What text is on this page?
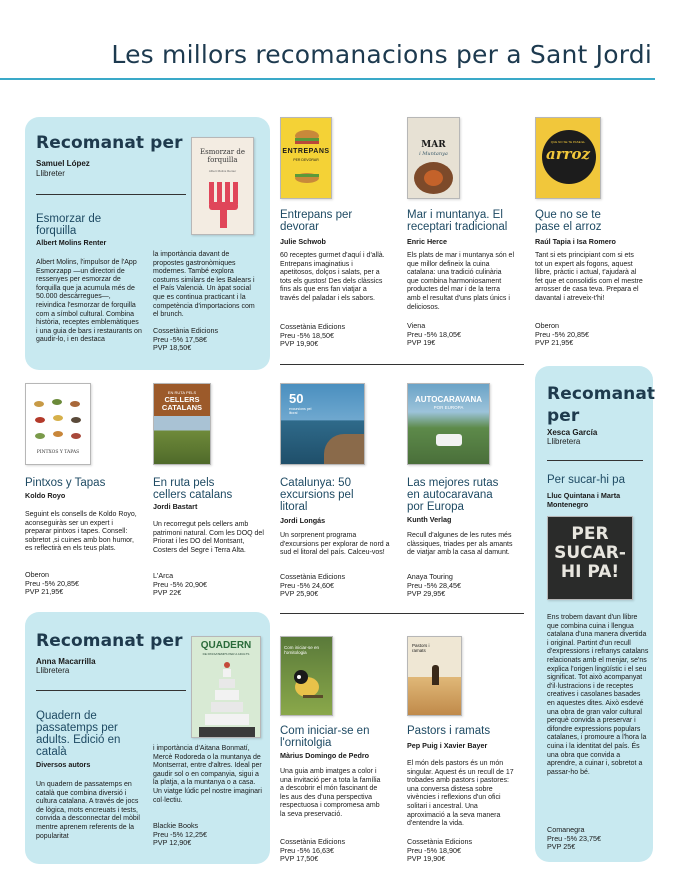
Les millors recomanacions per a Sant Jordi
Recomanat per
Samuel López
Llibreter
Esmorzar de forquilla
Albert Molins Renter
Esmorzar de forquilla
Albert Molins Renter
Albert Molins, l'impulsor de l'App Esmorzapp —un directori de ressenyes per esmorzar de forquilla que ja acumula més de 50.000 descàrregues—, reivindica l'esmorzar de forquilla com a símbol cultural. Combina història, receptes emblemàtiques i una guia de bars i restaurants on gaudir-lo, i en destaca
la importància davant de propostes gastronòmiques modernes. També explora costums similars de les Balears i el País Valencià. Un àpat social que es continua practicant i la competència d'importacions com el brunch.
Cossetània Edicions
Preu -5% 17,58€
PVP 18,50€
ENTREPANS
PER DEVORAR
Entrepans per devorar
Julie Schwob
60 receptes gurmet d'aquí i d'allà. Entrepans imaginatius i apetitosos, dolços i salats, per a tots els gustos! Des dels clàssics fins als que ens fan viatjar a través del paladar i els sabors.
Cossetània Edicions
Preu -5% 18,50€
PVP 19,90€
MAR
i Muntanya
Mar i muntanya. El receptari tradicional
Enric Herce
Els plats de mar i muntanya són el que millor defineix la cuina catalana: una tradició culinària que combina harmoniosament productes del mar i de la terra amb el resultat d'uns plats únics i deliciosos.
Viena
Preu -5% 18,05€
PVP 19€
QUE NO SE TE PASE EL
arroz
Que no se te pase el arroz
Raúl Tapia i Isa Romero
Tant si ets principiant com si ets tot un expert als fogons, aquest llibre, pràctic i actual, t'ajudarà al fet que et consolidis com el mestre arrosser de casa teva. Prepara el davantal i atreveix-t'hi!
Oberon
Preu -5% 20,85€
PVP 21,95€
PINTXOS Y TAPAS
Pintxos y Tapas
Koldo Royo
Seguint els consells de Koldo Royo, aconseguiràs ser un expert i preparar pintxos i tapes. Consell: sobretot ,si cuines amb bon humor, es reflectirà en els teus plats.
Oberon
Preu -5% 20,85€
PVP 21,95€
EN RUTA PELS
CELLERS CATALANS
En ruta pels cellers catalans
Jordi Bastart
Un recorregut pels cellers amb patrimoni natural. Com les DOQ del Priorat i les DO del Montsant, Costers del Segre i Terra Alta.
L'Arca
Preu -5% 20,90€
PVP 22€
50
excursions pel litoral
Catalunya: 50 excursions pel litoral
Jordi Longás
Un sorprenent programa d'excursions per explorar de nord a sud el litoral del país. Calceu-vos!
Cossetània Edicions
Preu -5% 24,60€
PVP 25,90€
AUTOCARAVANA
POR EUROPA
Las mejores rutas en autocaravana por Europa
Kunth Verlag
Recull d'algunes de les rutes més clàssiques, triades per als amants de viatjar amb la casa al damunt.
Anaya Touring
Preu -5% 28,45€
PVP 29,95€
Recomanat per
Xesca García
Llibretera
Per sucar-hi pa
Lluc Quintana i Marta Montenegro
PER SUCAR-HI PA!
Ens trobem davant d'un llibre que combina cuina i llengua catalana d'una manera divertida i original. Partint d'un recull d'expressions i refranys catalans relacionats amb el menjar, se'ns explica l'origen lingüístic i el seu significat. Tot això acompanyat d'il·lustracions i de receptes creatives i casolanes basades en aquestes dites. Això esdevé una obra de gran valor cultural perquè convida a preservar i difondre expressions populars catalanes, i promoure a l'hora la cuina i la identitat del país. És una obra que convida a aprendre, a cuinar i, sobretot a passar-ho bé.
Comanegra
Preu -5% 23,75€
PVP 25€
Recomanat per
Anna Macarrilla
Llibretera
QUADERN
DE PASSATEMPS PER A ADULTS
Quadern de passatemps per adults. Edició en català
Diversos autors
Un quadern de passatemps en català que combina diversió i cultura catalana. A través de jocs de lògica, mots encreuats i tests, convida a desconnectar del mòbil mentre aprenem referents de la popularitat
i importància d'Aitana Bonmatí, Mercè Rodoreda o la muntanya de Montserrat, entre d'altres. Ideal per gaudir sol o en companyia, sigui a la platja, a la muntanya o a casa. Un viatge lúdic pel nostre imaginari col·lectiu.
Blackie Books
Preu -5% 12,25€
PVP 12,90€
Com iniciar-se en l'ornitologia
Com iniciar-se en l'ornitolgia
Màrius Domingo de Pedro
Una guia amb imatges a color i una invitació per a tota la família a descobrir el món fascinant de les aus des d'una perspectiva respectuosa i compromesa amb la seva preservació.
Cossetània Edicions
Preu -5% 16,63€
PVP 17,50€
Pastors i ramats
Pastors i ramats
Pep Puig i Xavier Bayer
El món dels pastors és un món singular. Aquest és un recull de 17 trobades amb pastors i pastores: una conversa distesa sobre vivències i reflexions d'un ofici solitari i ancestral. Una aproximació a la seva manera d'entendre la vida.
Cossetània Edicions
Preu -5% 18,90€
PVP 19,90€
